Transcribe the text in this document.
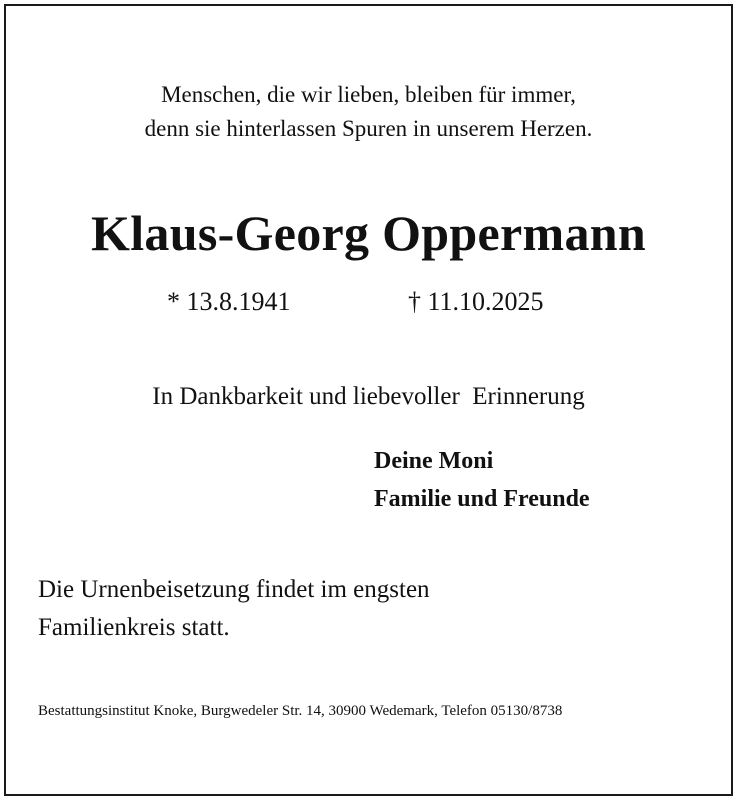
Menschen, die wir lieben, bleiben für immer,
denn sie hinterlassen Spuren in unserem Herzen.
Klaus-Georg Oppermann
* 13.8.1941	† 11.10.2025
In Dankbarkeit und liebevoller  Erinnerung
Deine Moni
Familie und Freunde
Die Urnenbeisetzung findet im engsten
Familienkreis statt.
Bestattungsinstitut Knoke, Burgwedeler Str. 14, 30900 Wedemark, Telefon 05130/8738
